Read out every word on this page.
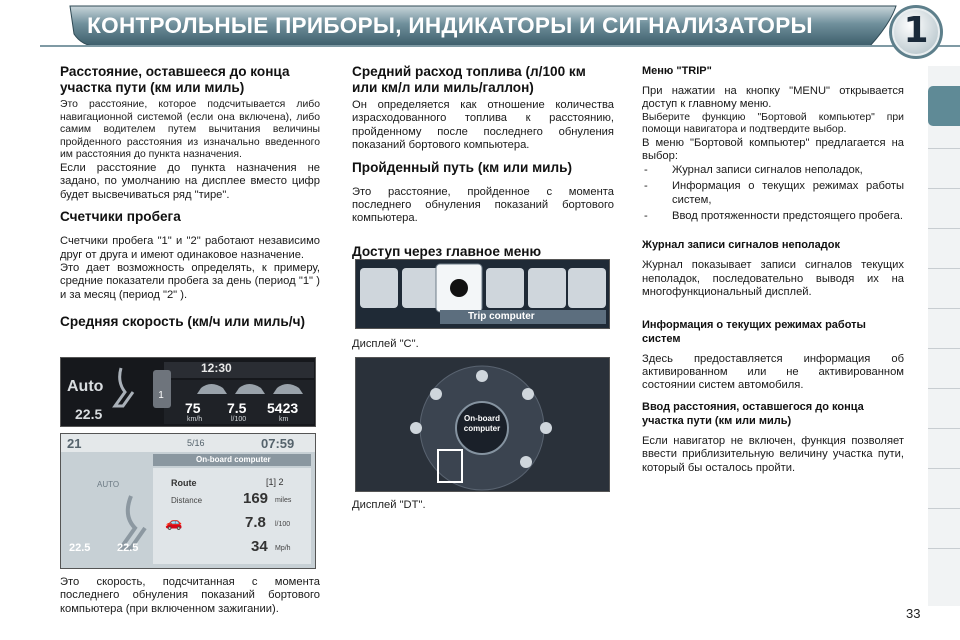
КОНТРОЛЬНЫЕ ПРИБОРЫ, ИНДИКАТОРЫ И СИГНАЛИЗАТОРЫ	1
Расстояние, оставшееся до конца участка пути (км или миль)

Это расстояние, которое подсчитывается либо навигационной системой (если она включена), либо самим водителем путем вычитания величины пройденного расстояния из изначально введенного им расстояния до пункта назначения.

Если расстояние до пункта назначения не задано, по умолчанию на дисплее вместо цифр будет высвечиваться ряд "тире".

Счетчики пробега

Счетчики пробега "1" и "2" работают независимо друг от друга и имеют одинаковое назначение.

Это дает возможность определять, к примеру, средние показатели пробега за день (период "1" ) и за месяц (период "2" ).

Средняя скорость (км/ч или миль/ч)
1
12:30
Auto
22.5	75
km/h
7.5
l/100
5423
km
21	5/16	07:59
On-board computer
AUTO	Route	[1] 2
Distance	169 miles
7.8 l/100
34 Mp/h
22.5 22.5
🚗

Это скорость, подсчитанная с момента последнего обнуления показаний бортового компьютера (при включенном зажигании).

Средний расход топлива (л/100 км или км/л или миль/галлон)

Он определяется как отношение количества израсходованного топлива к расстоянию, пройденному после последнего обнуления показаний бортового компьютера.

Пройденный путь (км или миль)

Это расстояние, пройденное с момента последнего обнуления показаний бортового компьютера.

Доступ через главное меню
Trip computer
Дисплей "С".
On-board computer
Дисплей "DT".
Меню "TRIP"

При нажатии на кнопку "MENU" открывается доступ к главному меню.

Выберите функцию "Бортовой компьютер" при помощи навигатора и подтвердите выбор.

В меню "Бортовой компьютер" предлагается на выбор:

- Журнал записи сигналов неполадок,
- Информация о текущих режимах работы систем,
- Ввод протяженности предстоящего пробега.
Журнал записи сигналов неполадок

Журнал показывает записи сигналов текущих неполадок, последовательно выводя их на многофункциональный дисплей.

Информация о текущих режимах работы систем

Здесь предоставляется информация об активированном или не активированном состоянии систем автомобиля.

Ввод расстояния, оставшегося до конца участка пути (км или миль)

Если навигатор не включен, функция позволяет ввести приблизительную величину участка пути, который бы осталось пройти.

33
